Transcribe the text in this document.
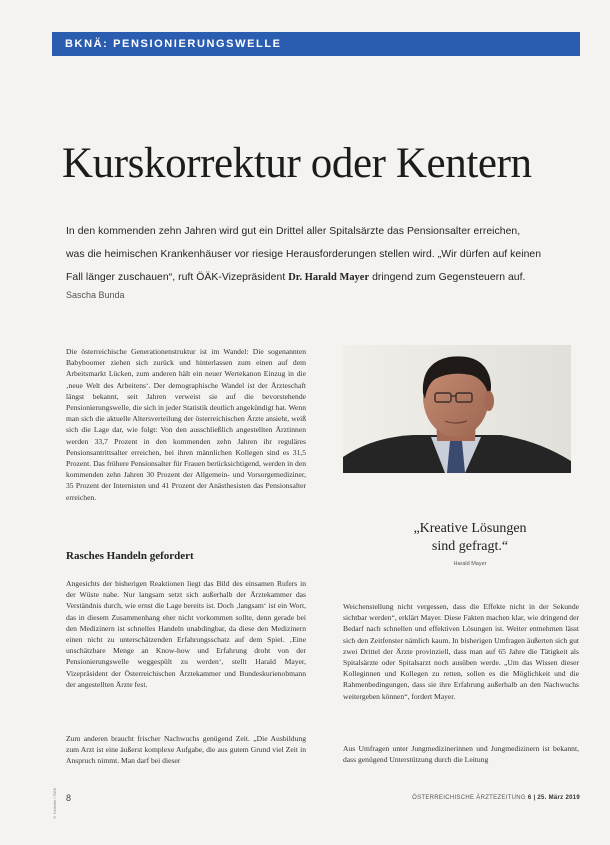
BKNÄ: PENSIONIERUNGSWELLE
Kurskorrektur oder Kentern
In den kommenden zehn Jahren wird gut ein Drittel aller Spitalsärzte das Pensionsalter erreichen,
was die heimischen Krankenhäuser vor riesige Herausforderungen stellen wird. „Wir dürfen auf keinen
Fall länger zuschauen“, ruft ÖÄK-Vizepräsident Dr. Harald Mayer dringend zum Gegensteuern auf.
Sascha Bunda

Die österreichische Generationenstruktur ist im Wandel: Die sogenannten Babyboomer ziehen sich zurück und hinterlassen zum einen auf dem Arbeitsmarkt Lücken, zum anderen hält ein neuer Wertekanon Einzug in die ‚neue Welt des Arbeitens‘. Der demographische Wandel ist der Ärzteschaft längst bekannt, seit Jahren verweist sie auf die bevorstehende Pensionierungswelle, die sich in jeder Statistik deutlich angekündigt hat. Wenn man sich die aktuelle Altersverteilung der österreichischen Ärzte ansieht, weiß sich die Lage dar, wie folgt: Von den ausschließlich angestellten Ärztinnen werden 33,7 Prozent in den kommenden zehn Jahren ihr reguläres Pensionsantrittsalter erreichen, bei ihren männlichen Kollegen sind es 31,5 Prozent. Das frühere Pensionsalter für Frauen berücksichtigend, werden in den kommenden zehn Jahren 30 Prozent der Allgemein- und Vorsorgemediziner, 35 Prozent der Internisten und 41 Prozent der Anästhesisten das Pensionsalter erreichen.

Rasches Handeln gefordert

Angesichts der bisherigen Reaktionen liegt das Bild des einsamen Rufers in der Wüste nahe. Nur langsam setzt sich außerhalb der Ärztekammer das Verständnis durch, wie ernst die Lage bereits ist. Doch ‚langsam‘ ist ein Wort, das in diesem Zusammenhang eher nicht vorkommen sollte, denn gerade bei den Medizinern ist schnelles Handeln unabdingbar, da diese den Medizinern einen nicht zu unterschätzenden Erfahrungsschatz auf dem Spiel. ‚Eine unschätzbare Menge an Know-how und Erfahrung droht von der Pensionierungswelle weggespült zu werden‘, stellt Harald Mayer, Vizepräsident der Österreichischen Ärztekammer und Bundeskurienobmann der angestellten Ärzte fest.

Zum anderen braucht frischer Nachwuchs genügend Zeit. „Die Ausbildung zum Arzt ist eine äußerst komplexe Aufgabe, die aus gutem Grund viel Zeit in Anspruch nimmt. Man darf bei dieser

„Kreative Lösungen
sind gefragt.“
Harald Mayer

Weichenstellung nicht vergessen, dass die Effekte nicht in der Sekunde sichtbar werden“, erklärt Mayer. Diese Fakten machen klar, wie dringend der Bedarf nach schnellen und effektiven Lösungen ist. Weiter entnehmen lässt sich den Zeitfenster nämlich kaum. In bisherigen Umfragen äußerten sich gut zwei Drittel der Ärzte provinziell, dass man auf 65 Jahre die Tätigkeit als Spitalsärzte oder Spitalsarzt noch ausüben werde. „Um das Wissen dieser Kolleginnen und Kollegen zu retten, sollen es die Möglichkeit und die Rahmenbedingungen, dass sie ihre Erfahrung außerhalb an den Nachwuchs weitergeben können“, fordert Mayer.

Aus Umfragen unter Jungmedizinerinnen und Jungmedizinern ist bekannt, dass genügend Unterstützung durch die Leitung

© Kelleiter / ÖÄK	8	ÖSTERREICHISCHE ÄRZTEZEITUNG 6 | 25. März 2019
